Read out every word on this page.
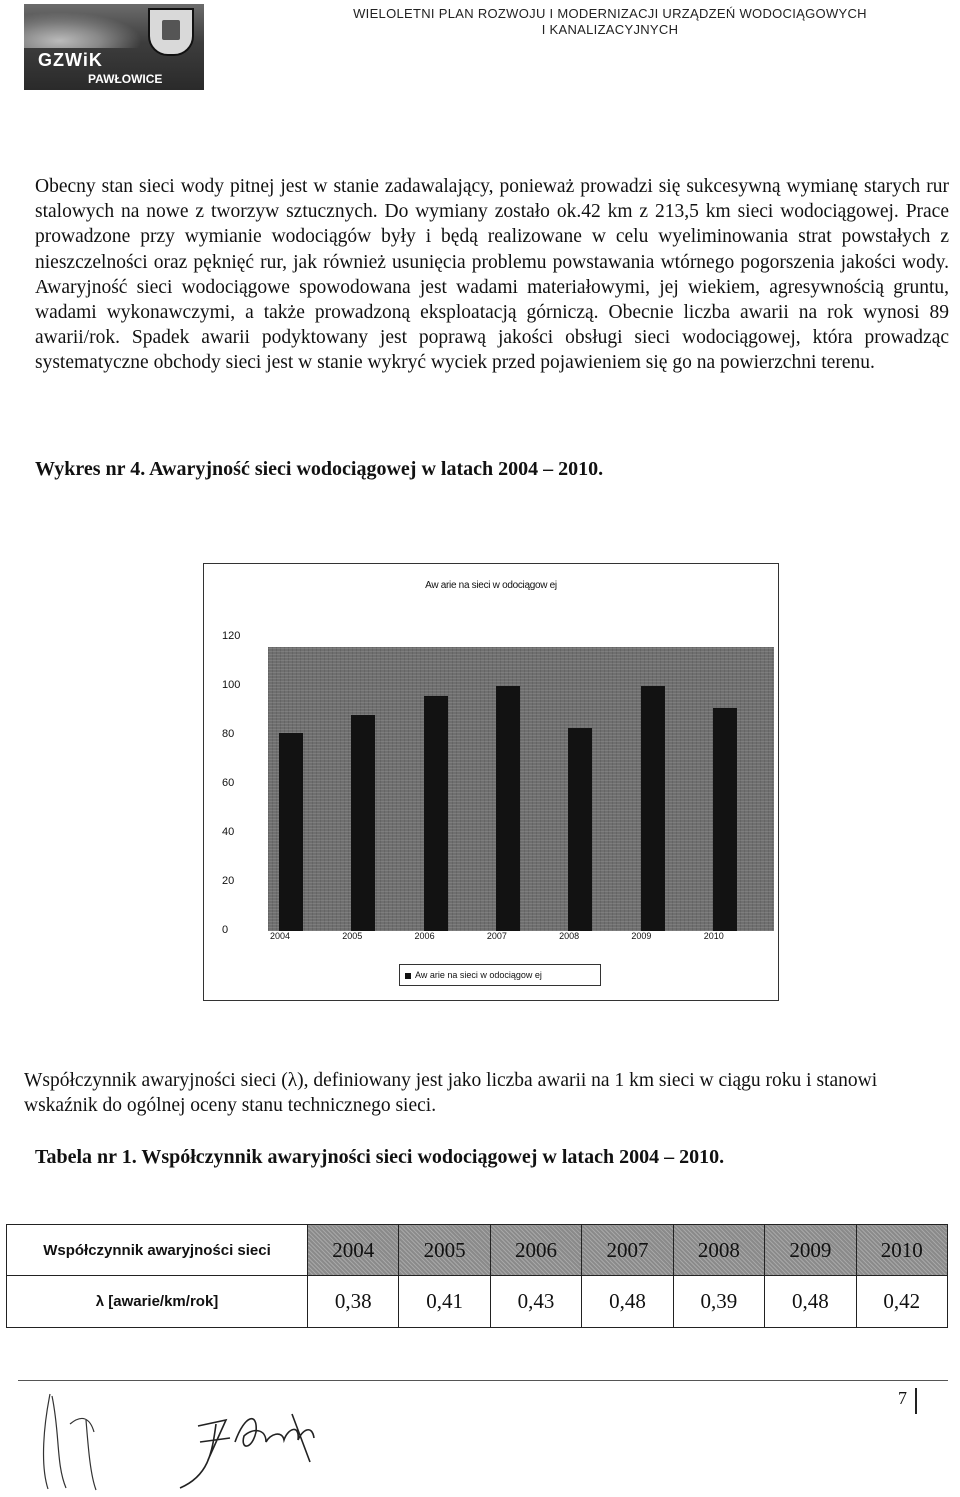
GZWiK
PAWŁOWICE
WIELOLETNI PLAN ROZWOJU I MODERNIZACJI URZĄDZEŃ WODOCIĄGOWYCH
I KANALIZACYJNYCH
Obecny stan sieci wody pitnej jest w stanie zadawalający, ponieważ prowadzi się sukcesywną wymianę starych rur stalowych na nowe z tworzyw sztucznych. Do wymiany zostało ok.42 km z 213,5 km sieci wodociągowej. Prace prowadzone przy wymianie wodociągów były i będą realizowane w celu wyeliminowania strat powstałych z nieszczelności oraz pęknięć rur, jak również usunięcia problemu powstawania wtórnego pogorszenia jakości wody. Awaryjność sieci wodociągowe spowodowana jest wadami materiałowymi, jej wiekiem, agresywnością gruntu, wadami wykonawczymi, a także prowadzoną eksploatacją górniczą. Obecnie liczba awarii na rok wynosi 89 awarii/rok. Spadek awarii podyktowany jest poprawą jakości obsługi sieci wodociągowej, która prowadząc systematyczne obchody sieci jest w stanie wykryć wyciek przed pojawieniem się go na powierzchni terenu.
Wykres nr 4. Awaryjność sieci wodociągowej w latach 2004 – 2010.
Aw arie na sieci w odociągow ej
120
100
80
60
40
20
0	2004	2005	2006	2007	2008	2009	2010
Aw arie na sieci w odociągow ej
Współczynnik awaryjności sieci (λ), definiowany jest jako liczba awarii na 1 km sieci w ciągu roku i stanowi wskaźnik do ogólnej oceny stanu technicznego sieci.
Tabela nr 1. Współczynnik awaryjności sieci wodociągowej w latach 2004 – 2010.
Współczynnik awaryjności sieci	2004	2005	2006	2007	2008	2009	2010
λ [awarie/km/rok]	0,38	0,41	0,43	0,48	0,39	0,48	0,42
7
